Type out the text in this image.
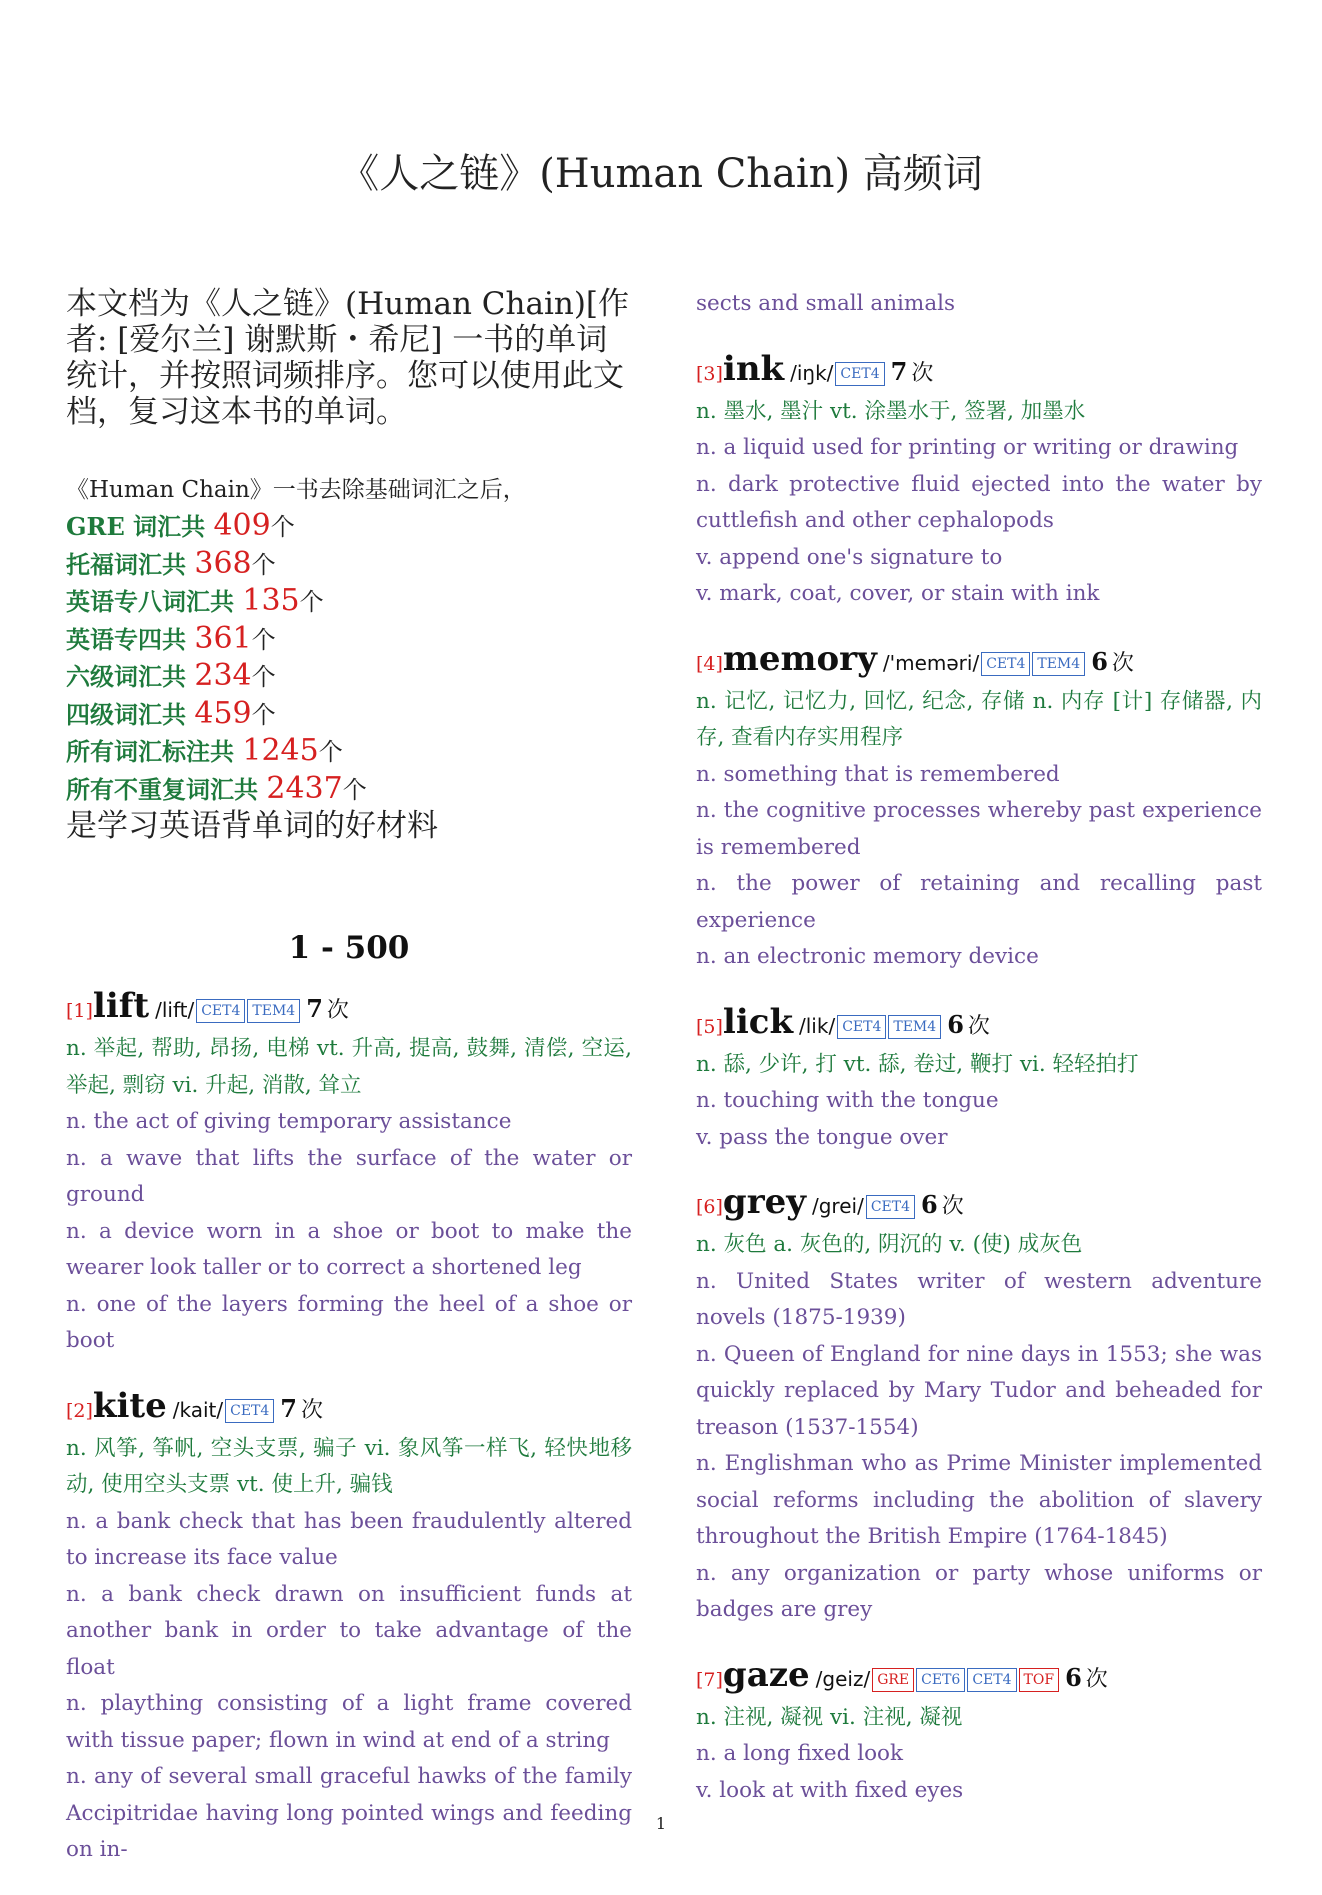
《人之链》(Human Chain) 高频词

本文档为《人之链》(Human Chain)[作者: [爱尔兰] 谢默斯・希尼] 一书的单词统计，并按照词频排序。您可以使用此文档，复习这本书的单词。

《Human Chain》一书去除基础词汇之后，
GRE 词汇共 409个
托福词汇共 368个
英语专八词汇共 135个
英语专四共 361个
六级词汇共 234个
四级词汇共 459个
所有词汇标注共 1245个
所有不重复词汇共 2437个
是学习英语背单词的好材料
1 - 500
[1]lift /lift/ CET4 TEM4 7 次

n. 举起, 帮助, 昂扬, 电梯 vt. 升高, 提高, 鼓舞, 清偿, 空运, 举起, 剽窃 vi. 升起, 消散, 耸立

n. the act of giving temporary assistance

n. a wave that lifts the surface of the water or ground

n. a device worn in a shoe or boot to make the wearer look taller or to correct a shortened leg

n. one of the layers forming the heel of a shoe or boot

[2]kite /kait/ CET4 7 次

n. 风筝, 筝帆, 空头支票, 骗子 vi. 象风筝一样飞, 轻快地移动, 使用空头支票 vt. 使上升, 骗钱

n. a bank check that has been fraudulently altered to increase its face value

n. a bank check drawn on insufficient funds at another bank in order to take advantage of the float

n. plaything consisting of a light frame covered with tissue paper; flown in wind at end of a string

n. any of several small graceful hawks of the family Accipitridae having long pointed wings and feeding on in-

sects and small animals

[3]ink /iŋk/ CET4 7 次

n. 墨水, 墨汁 vt. 涂墨水于, 签署, 加墨水

n. a liquid used for printing or writing or drawing

n. dark protective fluid ejected into the water by cuttlefish and other cephalopods

v. append one's signature to

v. mark, coat, cover, or stain with ink

[4]memory /'meməri/ CET4 TEM4 6 次

n. 记忆, 记忆力, 回忆, 纪念, 存储 n. 内存 [计] 存储器, 内存, 查看内存实用程序

n. something that is remembered

n. the cognitive processes whereby past experience is remembered

n. the power of retaining and recalling past experience

n. an electronic memory device

[5]lick /lik/ CET4 TEM4 6 次

n. 舔, 少许, 打 vt. 舔, 卷过, 鞭打 vi. 轻轻拍打

n. touching with the tongue

v. pass the tongue over

[6]grey /grei/ CET4 6 次

n. 灰色 a. 灰色的, 阴沉的 v. (使) 成灰色

n. United States writer of western adventure novels (1875-1939)

n. Queen of England for nine days in 1553; she was quickly replaced by Mary Tudor and beheaded for treason (1537-1554)

n. Englishman who as Prime Minister implemented social reforms including the abolition of slavery throughout the British Empire (1764-1845)

n. any organization or party whose uniforms or badges are grey

[7]gaze /geiz/ GRE CET6 CET4 TOF 6 次

n. 注视, 凝视 vi. 注视, 凝视

n. a long fixed look

v. look at with fixed eyes

1
